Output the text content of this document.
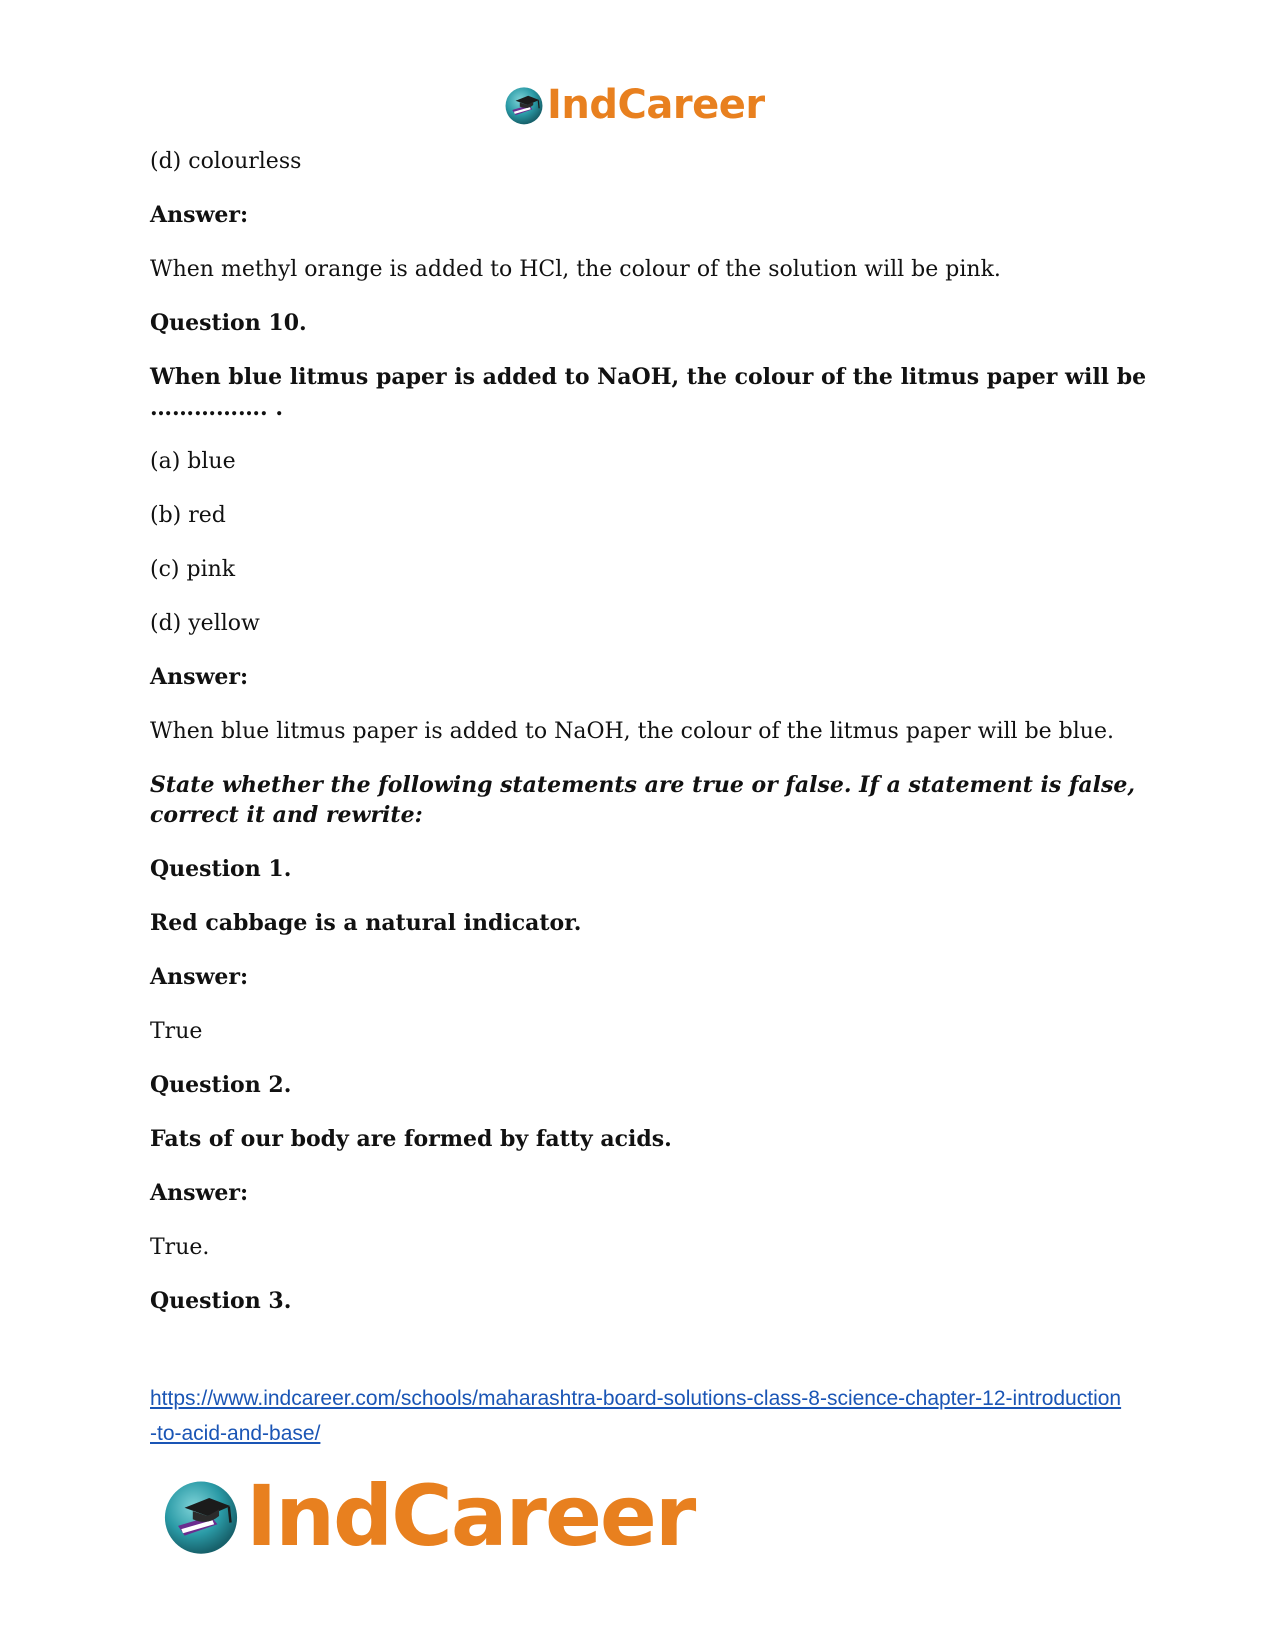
IndCareer
(d) colourless
Answer:
When methyl orange is added to HCl, the colour of the solution will be pink.
Question 10.
When blue litmus paper is added to NaOH, the colour of the litmus paper will be
……………. .
(a) blue
(b) red
(c) pink
(d) yellow
Answer:
When blue litmus paper is added to NaOH, the colour of the litmus paper will be blue.
State whether the following statements are true or false. If a statement is false,
correct it and rewrite:
Question 1.
Red cabbage is a natural indicator.
Answer:
True
Question 2.
Fats of our body are formed by fatty acids.
Answer:
True.
Question 3.
https://www.indcareer.com/schools/maharashtra-board-solutions-class-8-science-chapter-12-introduction-to-acid-and-base/
IndCareer
